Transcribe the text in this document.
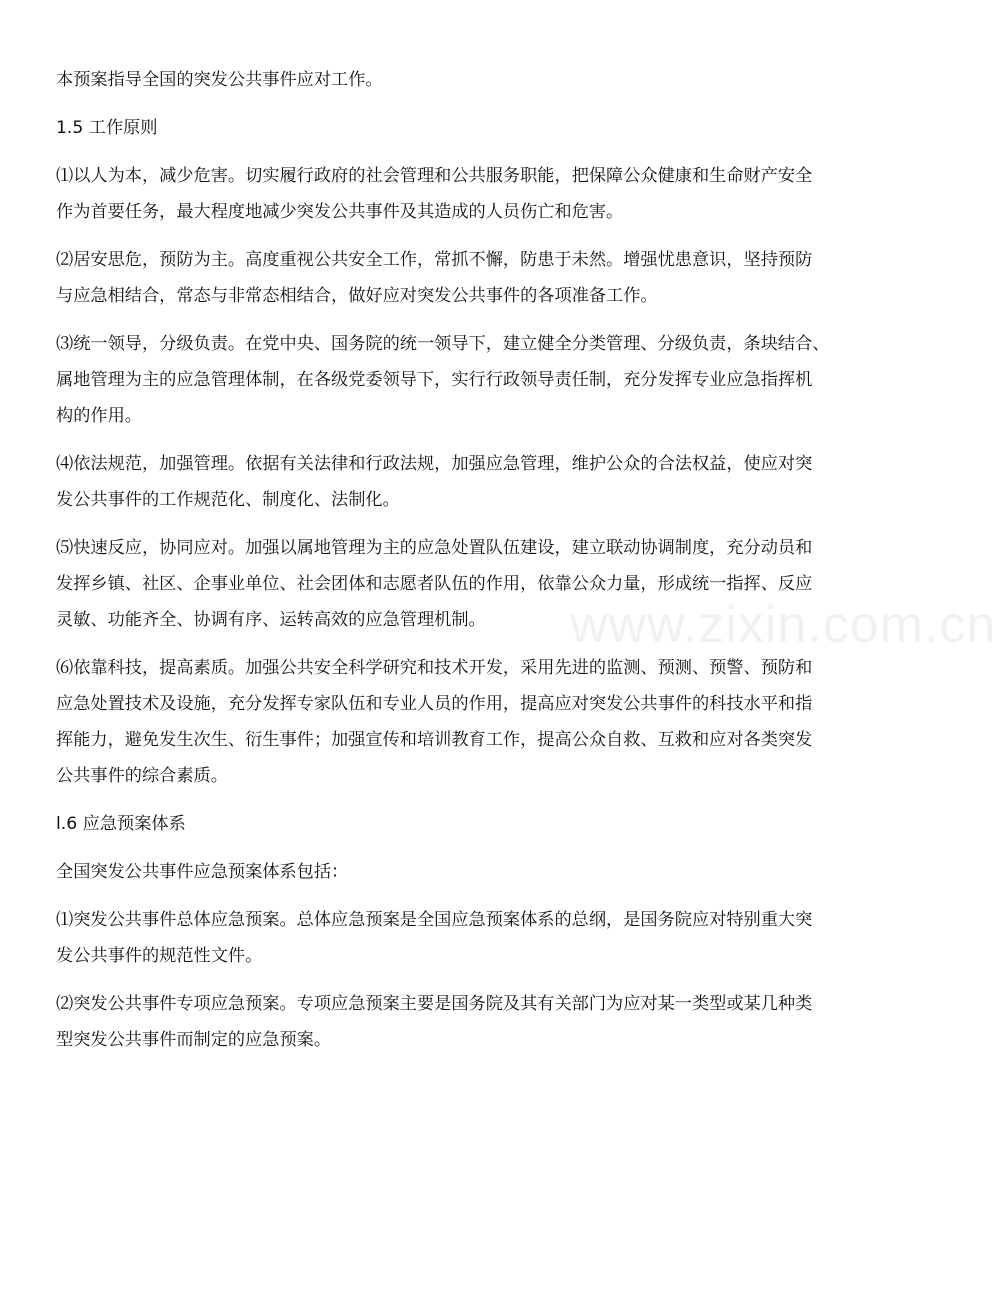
www.zixin.com.cn
本预案指导全国的突发公共事件应对工作。
1.5 工作原则
⑴以人为本，减少危害。切实履行政府的社会管理和公共服务职能，把保障公众健康和生命财产安全
作为首要任务，最大程度地减少突发公共事件及其造成的人员伤亡和危害。
⑵居安思危，预防为主。高度重视公共安全工作，常抓不懈，防患于未然。增强忧患意识，坚持预防
与应急相结合，常态与非常态相结合，做好应对突发公共事件的各项准备工作。
⑶统一领导，分级负责。在党中央、国务院的统一领导下，建立健全分类管理、分级负责，条块结合、
属地管理为主的应急管理体制，在各级党委领导下，实行行政领导责任制，充分发挥专业应急指挥机
构的作用。
⑷依法规范，加强管理。依据有关法律和行政法规，加强应急管理，维护公众的合法权益，使应对突
发公共事件的工作规范化、制度化、法制化。
⑸快速反应，协同应对。加强以属地管理为主的应急处置队伍建设，建立联动协调制度，充分动员和
发挥乡镇、社区、企事业单位、社会团体和志愿者队伍的作用，依靠公众力量，形成统一指挥、反应
灵敏、功能齐全、协调有序、运转高效的应急管理机制。
⑹依靠科技，提高素质。加强公共安全科学研究和技术开发，采用先进的监测、预测、预警、预防和
应急处置技术及设施，充分发挥专家队伍和专业人员的作用，提高应对突发公共事件的科技水平和指
挥能力，避免发生次生、衍生事件；加强宣传和培训教育工作，提高公众自救、互救和应对各类突发
公共事件的综合素质。
l.6 应急预案体系
全国突发公共事件应急预案体系包括：
⑴突发公共事件总体应急预案。总体应急预案是全国应急预案体系的总纲，是国务院应对特别重大突
发公共事件的规范性文件。
⑵突发公共事件专项应急预案。专项应急预案主要是国务院及其有关部门为应对某一类型或某几种类
型突发公共事件而制定的应急预案。
